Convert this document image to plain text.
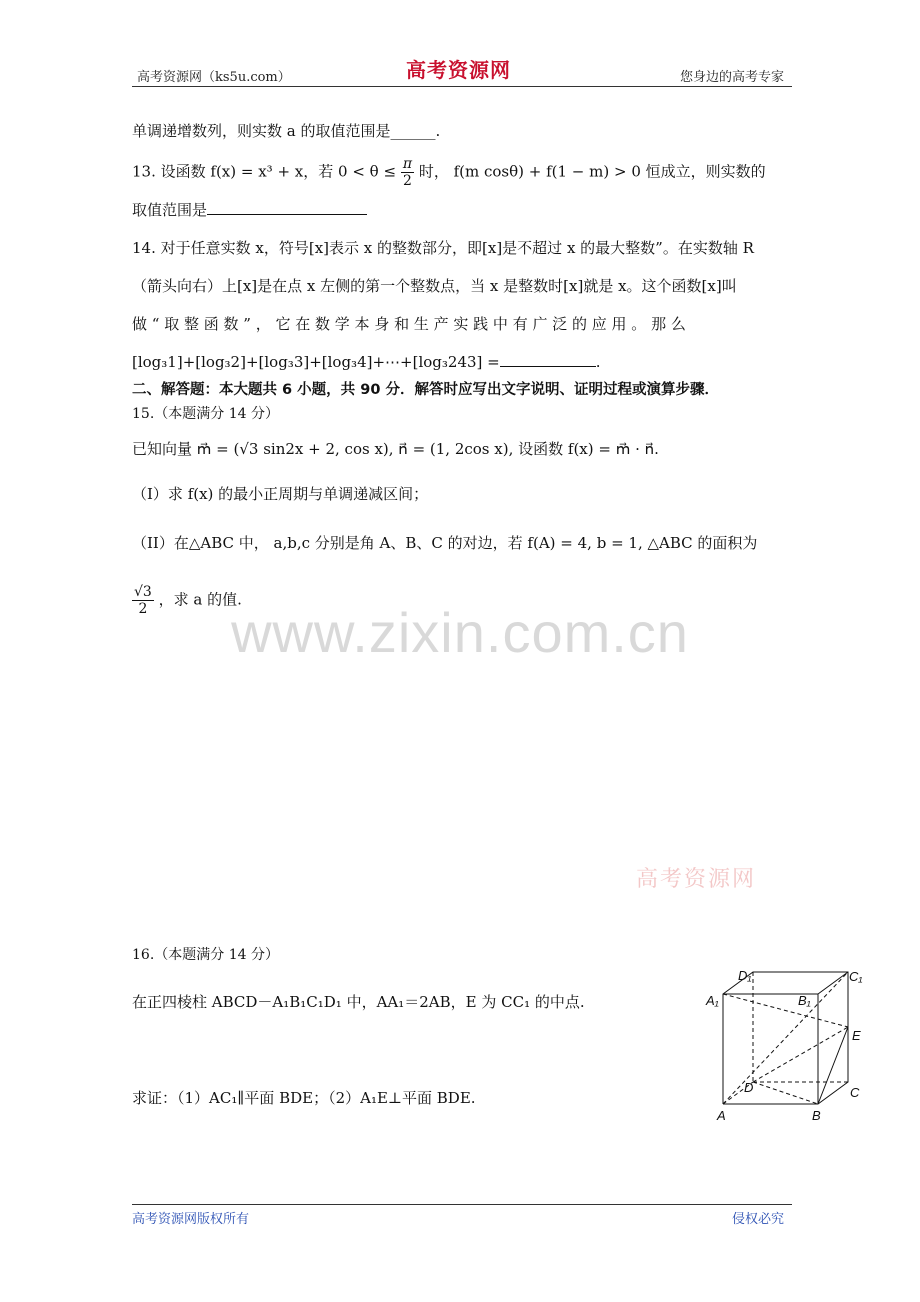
高考资源网（ks5u.com）	高考资源网	您身边的高考专家
单调递增数列，则实数 a 的取值范围是______.
13. 设函数 f(x) = x³ + x，若 $0 < \theta \le \frac{\pi}{2}$ 时， f(m cosθ) + f(1 − m) > 0 恒成立，则实数的
取值范围是
14. 对于任意实数 x，符号[x]表示 x 的整数部分，即[x]是不超过 x 的最大整数”。在实数轴 R
（箭头向右）上[x]是在点 x 左侧的第一个整数点，当 x 是整数时[x]就是 x。这个函数[x]叫
做 “ 取 整 函 数 ” ， 它 在 数 学 本 身 和 生 产 实 践 中 有 广 泛 的 应 用 。 那 么
[log₃1]+[log₃2]+[log₃3]+[log₃4]+⋯+[log₃243] =	.
二、解答题：本大题共 6 小题，共 90 分．解答时应写出文字说明、证明过程或演算步骤．
15.（本题满分 14 分）
已知向量 m⃗ = (√3 sin2x + 2, cos x), n⃗ = (1, 2cos x), 设函数 f(x) = m⃗ · n⃗.
（I）求 f(x) 的最小正周期与单调递减区间；
（II）在△ABC 中， a,b,c 分别是角 A、B、C 的对边，若 f(A) = 4, b = 1, △ABC 的面积为
$\frac{√3}{2}$ ，求 a 的值.
www.zixin.com.cn
高考资源网
16.（本题满分 14 分）
在正四棱柱 ABCD－A₁B₁C₁D₁ 中，AA₁＝2AB，E 为 CC₁ 的中点.
求证：（1）AC₁∥平面 BDE；（2）A₁E⊥平面 BDE.
D₁	C₁
A₁	B₁
E
D	C
A	B
高考资源网版权所有	侵权必究
